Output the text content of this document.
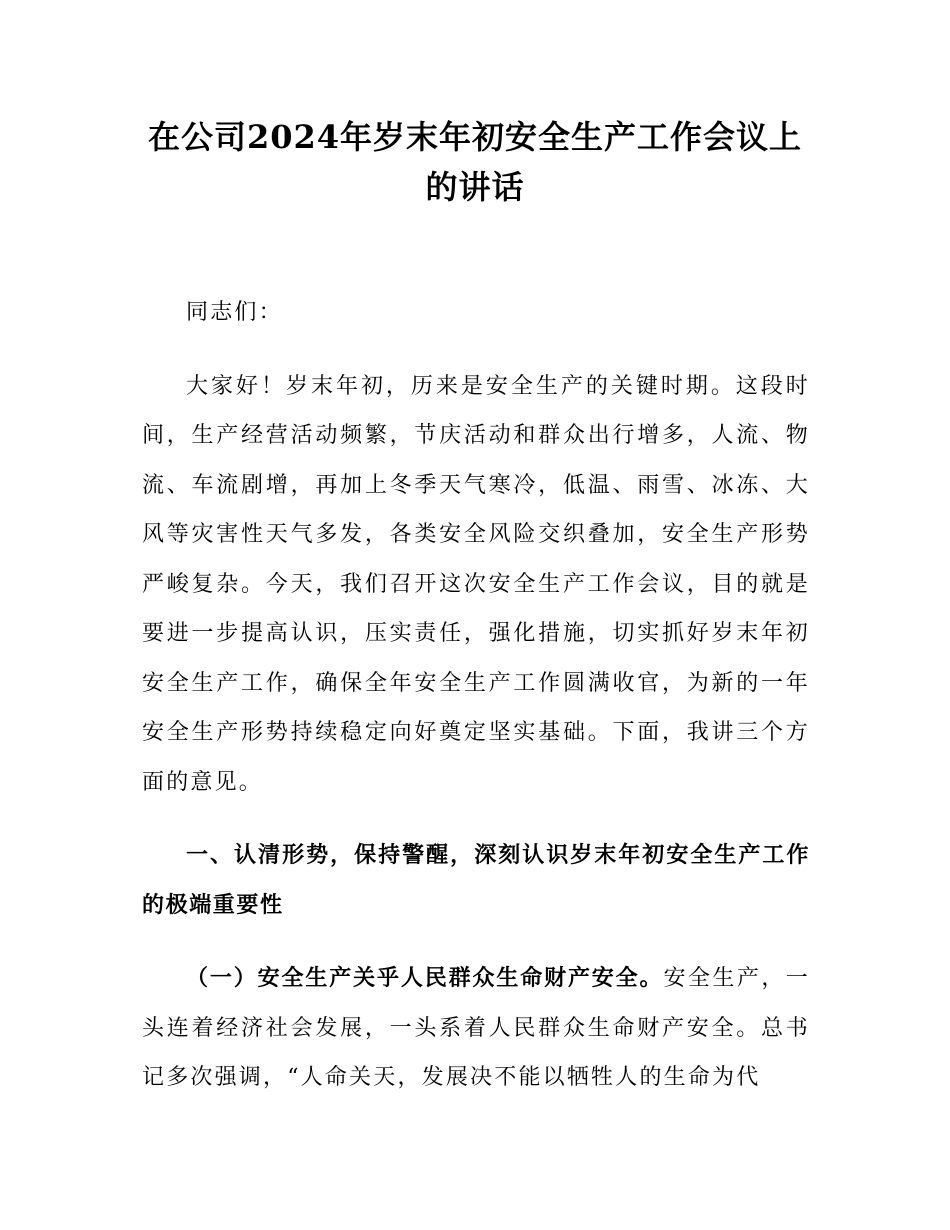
在公司2024年岁末年初安全生产工作会议上的讲话

同志们：

大家好！岁末年初，历来是安全生产的关键时期。这段时间，生产经营活动频繁，节庆活动和群众出行增多，人流、物流、车流剧增，再加上冬季天气寒冷，低温、雨雪、冰冻、大风等灾害性天气多发，各类安全风险交织叠加，安全生产形势严峻复杂。今天，我们召开这次安全生产工作会议，目的就是要进一步提高认识，压实责任，强化措施，切实抓好岁末年初安全生产工作，确保全年安全生产工作圆满收官，为新的一年安全生产形势持续稳定向好奠定坚实基础。下面，我讲三个方面的意见。

一、认清形势，保持警醒，深刻认识岁末年初安全生产工作的极端重要性

（一）安全生产关乎人民群众生命财产安全。安全生产，一头连着经济社会发展，一头系着人民群众生命财产安全。总书记多次强调，“人命关天，发展决不能以牺牲人的生命为代
